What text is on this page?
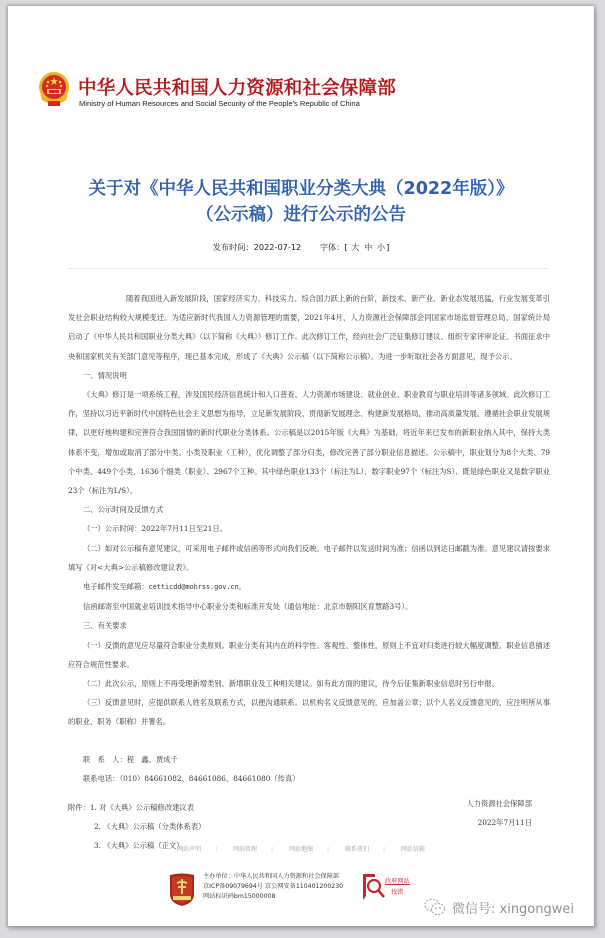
中华人民共和国人力资源和社会保障部
Ministry of Human Resources and Social Security of the People's Republic of China
关于对《中华人民共和国职业分类大典（2022年版）》
（公示稿）进行公示的公告
发布时间：2022-07-12 字体：[ 大 中 小]

随着我国进入新发展阶段，国家经济实力、科技实力、综合国力跃上新的台阶，新技术、新产业、新业态发展迅猛，行业发展变革引发社会职业结构较大规模变迁。为适应新时代我国人力资源管理的需要，2021年4月，人力资源社会保障部会同国家市场监督管理总局、国家统计局启动了《中华人民共和国职业分类大典》（以下简称《大典》）修订工作。此次修订工作，经向社会广泛征集修订建议、组织专家评审论证、书面征求中央和国家机关有关部门意见等程序，现已基本完成，形成了《大典》公示稿（以下简称公示稿）。为进一步听取社会各方面意见，现予公示。

一、情况说明

《大典》修订是一项系统工程，涉及国民经济信息统计和人口普查、人力资源市场建设、就业创业、职业教育与职业培训等诸多领域。此次修订工作，坚持以习近平新时代中国特色社会主义思想为指导，立足新发展阶段、贯彻新发展理念、构建新发展格局，推动高质量发展，遵循社会职业发展规律，以更好地构建和完善符合我国国情的新时代职业分类体系。公示稿是以2015年版《大典》为基础，将近年来已发布的新职业纳入其中，保持大类体系不变，增加或取消了部分中类、小类及职业（工种），优化调整了部分归类，修改完善了部分职业信息描述。公示稿中，职业划分为8个大类、79个中类、449个小类、1636个细类（职业）、2967个工种。其中绿色职业133个（标注为L）、数字职业97个（标注为S）、既是绿色职业又是数字职业23个（标注为L/S）。

二、公示时间及反馈方式

（一）公示时间：2022年7月11日至21日。

（二）如对公示稿有意见建议，可采用电子邮件或信函等形式向我们反映。电子邮件以发送时间为准；信函以到达日邮戳为准。意见建议请按要求填写《对<大典>公示稿修改建议表》。

电子邮件发至邮箱：cetticdd@mohrss.gov.cn。

信函邮寄至中国就业培训技术指导中心职业分类和标准开发处（通信地址：北京市朝阳区育慧路3号）。

三、有关要求

（一）反馈的意见应尽量符合职业分类原则。职业分类有其内在的科学性、客观性、整体性，原则上不宜对归类进行较大幅度调整。职业信息描述应符合规范性要求。

（二）此次公示，原则上不再受理新增类别、新增职业及工种相关建议。如有此方面的建议，待今后征集新职业信息时另行申报。

（三）反馈意见时，应提供联系人姓名及联系方式，以便沟通联系。以机构名义反馈意见的，应加盖公章；以个人名义反馈意见的，应注明所从事的职业、职务（职称）并署名。

联　系　人：程　鑫、贾成千

联系电话：（010）84661082、84661086、84661080（传真）

附件：1. 对《大典》公示稿修改建议表

2. 《大典》公示稿（分类体系表）

3. 《大典》公示稿（正文）

人力资源社会保障部
2022年7月11日
网站声明 |	网站管理 |	网站地图 |	联系我们 |	网站信箱
主办单位：中华人民共和国人力资源和社会保障部
京ICP备09079694号 京公网安备110401200230
网站标识码bm15000008
政府网站
找错
微信号: xingongwei
